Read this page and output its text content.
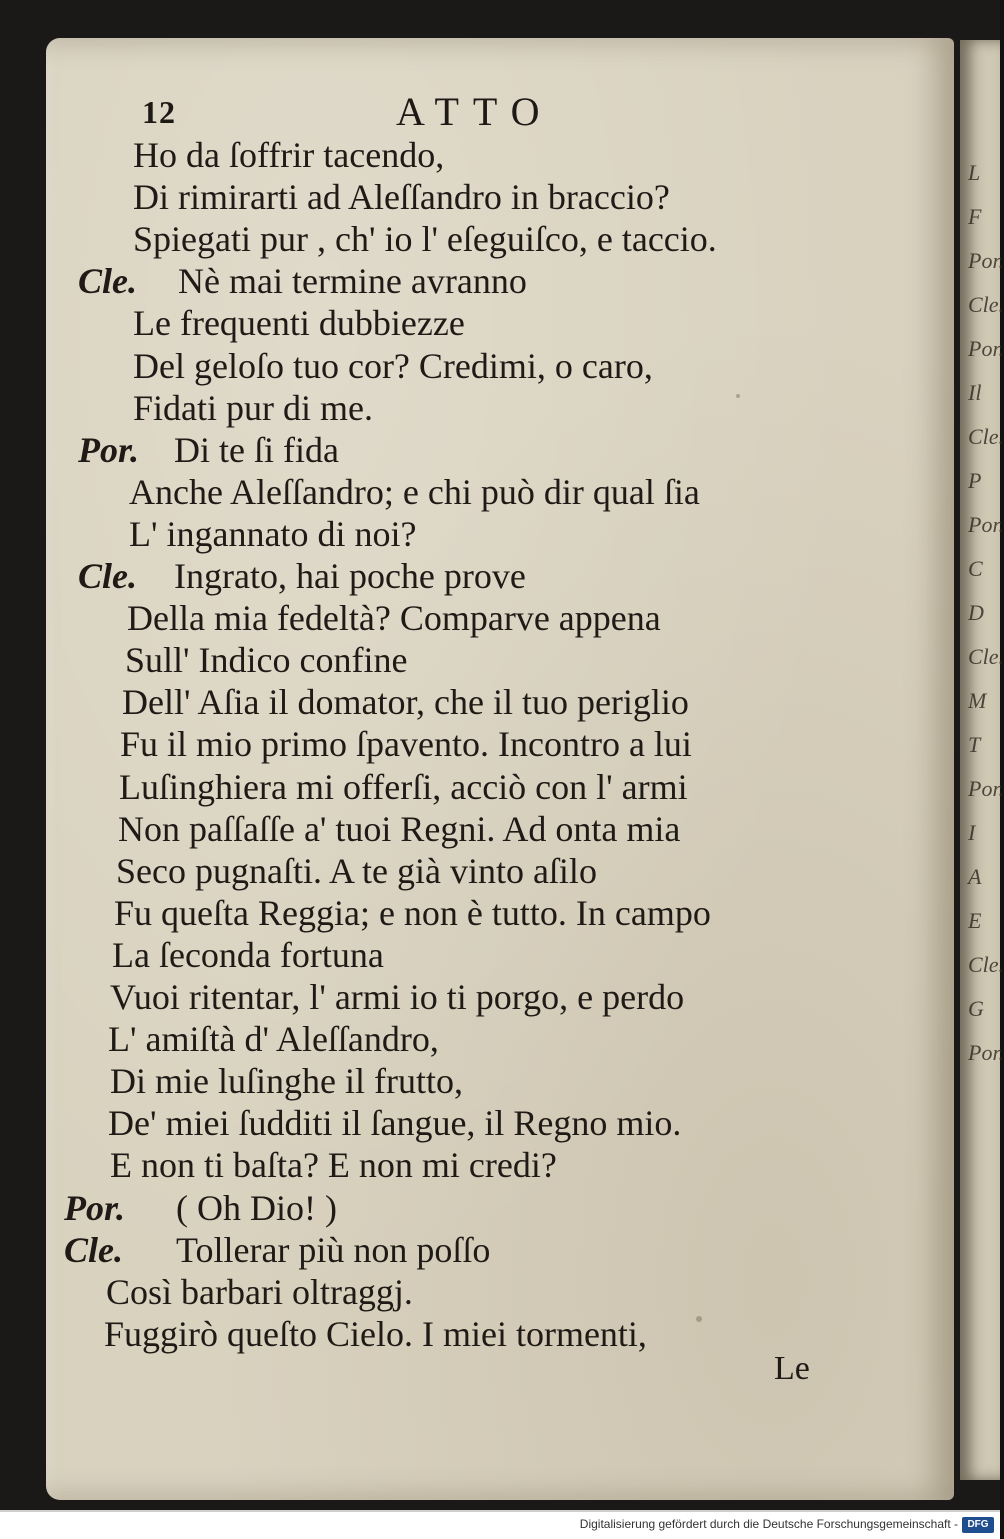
12	ATTO
Ho da ſoffrir tacendo,
Di rimirarti ad Aleſſandro in braccio?
Spiegati pur , ch' io l' eſeguiſco, e taccio.
Cle. Nè mai termine avranno
Le frequenti dubbiezze
Del geloſo tuo cor? Credimi, o caro,
Fidati pur di me.
Por. Di te ſi fida
Anche Aleſſandro; e chi può dir qual ſia
L' ingannato di noi?
Cle. Ingrato, hai poche prove
Della mia fedeltà? Comparve appena
Sull' Indico confine
Dell' Aſia il domator, che il tuo periglio
Fu il mio primo ſpavento. Incontro a lui
Luſinghiera mi offerſi, acciò con l' armi
Non paſſaſſe a' tuoi Regni. Ad onta mia
Seco pugnaſti. A te già vinto aſilo
Fu queſta Reggia; e non è tutto. In campo
La ſeconda fortuna
Vuoi ritentar, l' armi io ti porgo, e perdo
L' amiſtà d' Aleſſandro,
Di mie luſinghe il frutto,
De' miei ſudditi il ſangue, il Regno mio.
E non ti baſta? E non mi credi?
Por. ( Oh Dio! )
Cle. Tollerar più non poſſo
Così barbari oltraggj.
Fuggirò queſto Cielo. I miei tormenti,
Le
L
F
Por.
Cle.
Por.
Il
Cle.
P
Por.
C
D
Cle.
M
T
Por.
I
A
E
Cle.
G
Por.
Digitalisierung gefördert durch die Deutsche Forschungsgemeinschaft - DFG
